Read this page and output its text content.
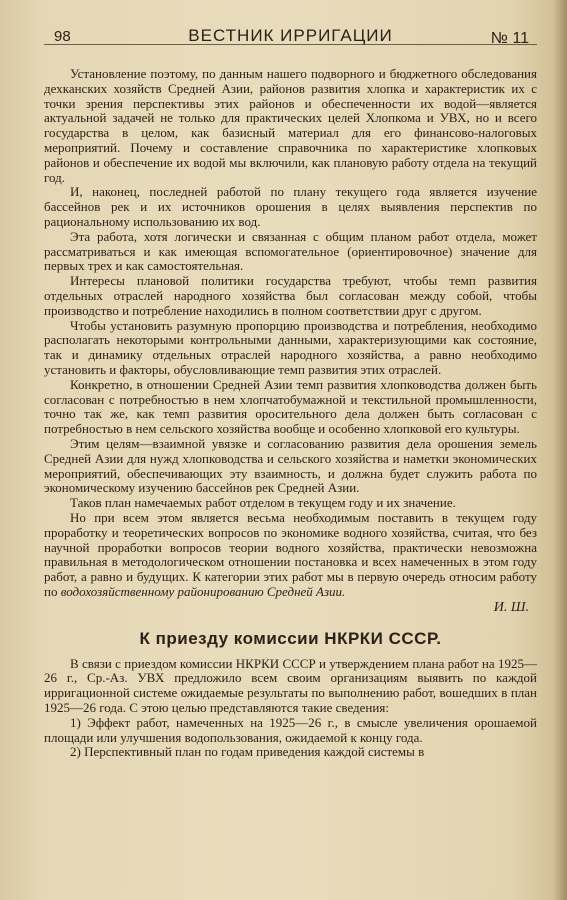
98	ВЕСТНИК ИРРИГАЦИИ	№ 11

Установление поэтому, по данным нашего подворного и бюджетного обследования дехканских хозяйств Средней Азии, районов развития хлопка и характеристик их с точки зрения перспективы этих районов и обеспеченности их водой—является актуальной задачей не только для практических целей Хлопкома и УВХ, но и всего государства в целом, как базисный материал для его финансово-налоговых мероприятий. Почему и составление справочника по характеристике хлопковых районов и обеспечение их водой мы включили, как плановую работу отдела на текущий год.

И, наконец, последней работой по плану текущего года является изучение бассейнов рек и их источников орошения в целях выявления перспектив по рациональному использованию их вод.

Эта работа, хотя логически и связанная с общим планом работ отдела, может рассматриваться и как имеющая вспомогательное (ориентировочное) значение для первых трех и как самостоятельная.

Интересы плановой политики государства требуют, чтобы темп развития отдельных отраслей народного хозяйства был согласован между собой, чтобы производство и потребление находились в полном соответствии друг с другом.

Чтобы установить разумную пропорцию производства и потребления, необходимо располагать некоторыми контрольными данными, характеризующими как состояние, так и динамику отдельных отраслей народного хозяйства, а равно необходимо установить и факторы, обусловливающие темп развития этих отраслей.

Конкретно, в отношении Средней Азии темп развития хлопководства должен быть согласован с потребностью в нем хлопчатобумажной и текстильной промышленности, точно так же, как темп развития оросительного дела должен быть согласован с потребностью в нем сельского хозяйства вообще и особенно хлопковой его культуры.

Этим целям—взаимной увязке и согласованию развития дела орошения земель Средней Азии для нужд хлопководства и сельского хозяйства и наметки экономических мероприятий, обеспечивающих эту взаимность, и должна будет служить работа по экономическому изучению бассейнов рек Средней Азии.

Таков план намечаемых работ отделом в текущем году и их значение.

Но при всем этом является весьма необходимым поставить в текущем году проработку и теоретических вопросов по экономике водного хозяйства, считая, что без научной проработки вопросов теории водного хозяйства, практически невозможна правильная в методологическом отношении постановка и всех намеченных в этом году работ, а равно и будущих. К категории этих работ мы в первую очередь относим работу по водохозяйственному районированию Средней Азии.

И. Ш.
К приезду комиссии НКРКИ СССР.

В связи с приездом комиссии НКРКИ СССР и утверждением плана работ на 1925—26 г., Ср.-Аз. УВХ предложило всем своим организациям выявить по каждой ирригационной системе ожидаемые результаты по выполнению работ, вошедших в план 1925—26 года. С этою целью представляются такие сведения:

1) Эффект работ, намеченных на 1925—26 г., в смысле увеличения орошаемой площади или улучшения водопользования, ожидаемой к концу года.

2) Перспективный план по годам приведения каждой системы в
